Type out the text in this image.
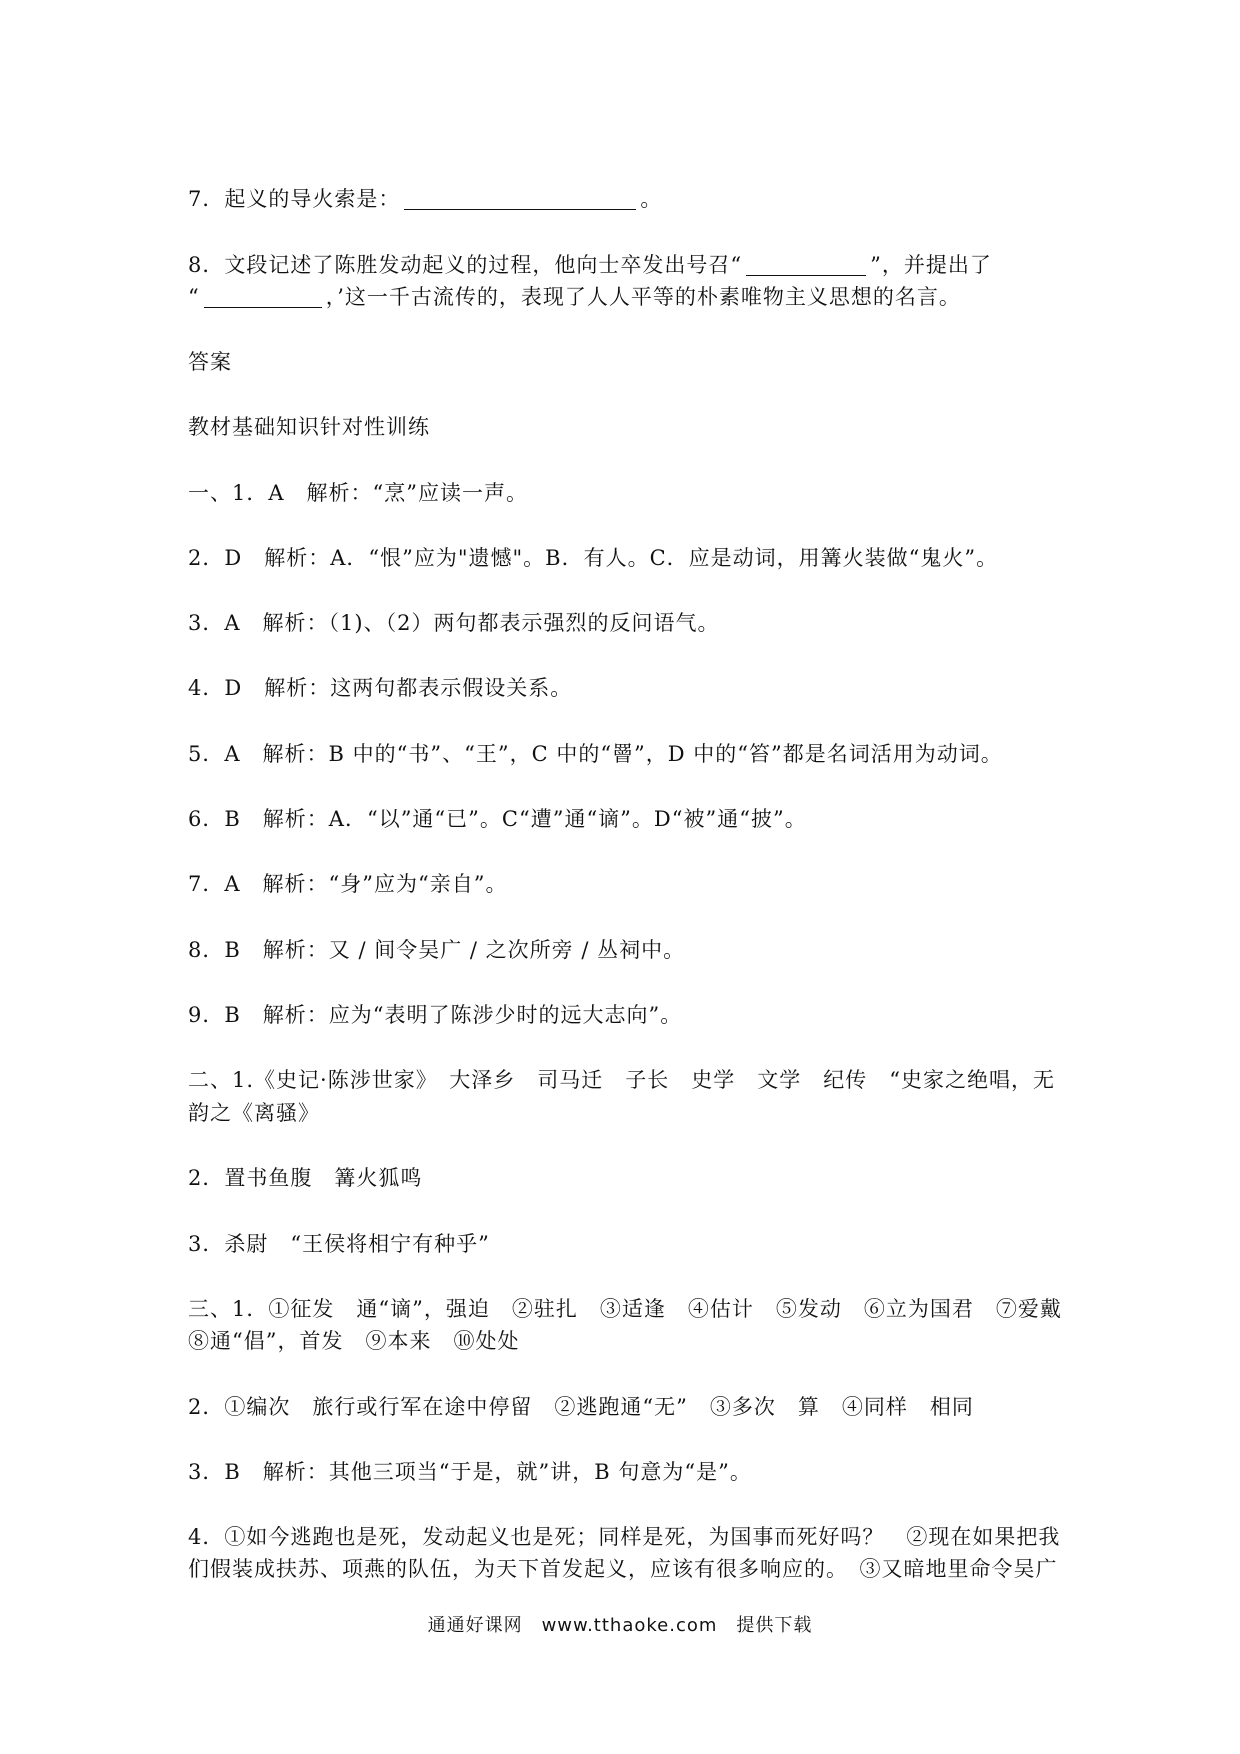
7．起义的导火索是：	。
8．文段记述了陈胜发动起义的过程，他向士卒发出号召“	”，并提出了
“	，’这一千古流传的，表现了人人平等的朴素唯物主义思想的名言。
答案
教材基础知识针对性训练
一、1．A　解析：“烹”应读一声。
2．D　解析：A．“恨”应为"遗憾"。B．有人。C．应是动词，用篝火装做“鬼火”。
3．A　解析：（1)、（2）两句都表示强烈的反问语气。
4．D　解析：这两句都表示假设关系。
5．A　解析：B 中的“书”、“王”，C 中的“罾”，D 中的“笞”都是名词活用为动词。
6．B　解析：A．“以”通“已”。C“遭”通“谪”。D“被”通“披”。
7．A　解析：“身”应为“亲自”。
8．B　解析：又 / 间令吴广 / 之次所旁 / 丛祠中。
9．B　解析：应为“表明了陈涉少时的远大志向”。
二、1.《史记·陈涉世家》　大泽乡　司马迁　子长　史学　文学　纪传　“史家之绝唱，无
韵之《离骚》
2．置书鱼腹　篝火狐鸣
3．杀尉　“王侯将相宁有种乎”
三、1．①征发　通“谪”，强迫　②驻扎　③适逢　④估计　⑤发动　⑥立为国君　⑦爱戴
⑧通“倡”，首发　⑨本来　⑩处处
2．①编次　旅行或行军在途中停留　②逃跑通“无”　③多次　算　④同样　相同
3．B　解析：其他三项当“于是，就”讲，B 句意为“是”。
4．①如今逃跑也是死，发动起义也是死；同样是死，为国事而死好吗？　②现在如果把我
们假装成扶苏、项燕的队伍，为天下首发起义，应该有很多响应的。　③又暗地里命令吴广
通通好课网　www.tthaoke.com　提供下载
